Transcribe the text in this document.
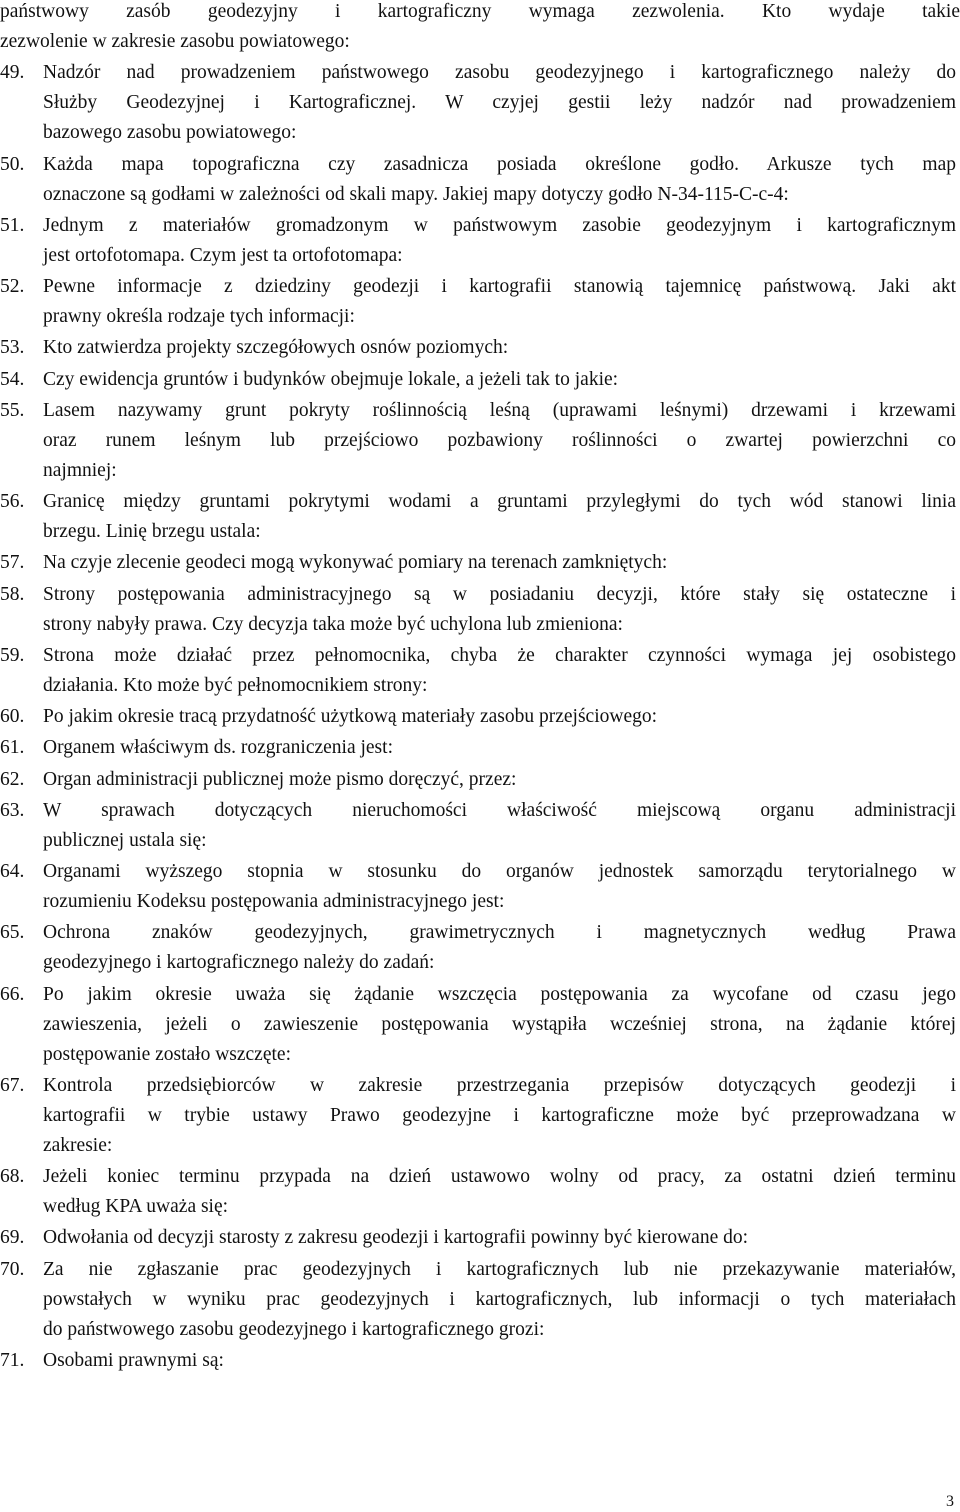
państwowy zasób geodezyjny i kartograficzny wymaga zezwolenia. Kto wydaje takie
zezwolenie w zakresie zasobu powiatowego:
49. Nadzór nad prowadzeniem państwowego zasobu geodezyjnego i kartograficznego należy do
Służby Geodezyjnej i Kartograficznej. W czyjej gestii leży nadzór nad prowadzeniem
bazowego zasobu powiatowego:
50. Każda mapa topograficzna czy zasadnicza posiada określone godło. Arkusze tych map
oznaczone są godłami w zależności od skali mapy. Jakiej mapy dotyczy godło N-34-115-C-c-4:
51. Jednym z materiałów gromadzonym w państwowym zasobie geodezyjnym i kartograficznym
jest ortofotomapa. Czym jest ta ortofotomapa:
52. Pewne informacje z dziedziny geodezji i kartografii stanowią tajemnicę państwową. Jaki akt
prawny określa rodzaje tych informacji:
53. Kto zatwierdza projekty szczegółowych osnów poziomych:
54. Czy ewidencja gruntów i budynków obejmuje lokale, a jeżeli tak to jakie:
55. Lasem nazywamy grunt pokryty roślinnością leśną (uprawami leśnymi) drzewami i krzewami
oraz runem leśnym lub przejściowo pozbawiony roślinności o zwartej powierzchni co
najmniej:
56. Granicę między gruntami pokrytymi wodami a gruntami przyległymi do tych wód stanowi linia
brzegu. Linię brzegu ustala:
57. Na czyje zlecenie geodeci mogą wykonywać pomiary na terenach zamkniętych:
58. Strony postępowania administracyjnego są w posiadaniu decyzji, które stały się ostateczne i
strony nabyły prawa. Czy decyzja taka może być uchylona lub zmieniona:
59. Strona może działać przez pełnomocnika, chyba że charakter czynności wymaga jej osobistego
działania. Kto może być pełnomocnikiem strony:
60. Po jakim okresie tracą przydatność użytkową materiały zasobu przejściowego:
61. Organem właściwym ds. rozgraniczenia jest:
62. Organ administracji publicznej może pismo doręczyć, przez:
63. W sprawach dotyczących nieruchomości właściwość miejscową organu administracji
publicznej ustala się:
64. Organami wyższego stopnia w stosunku do organów jednostek samorządu terytorialnego w
rozumieniu Kodeksu postępowania administracyjnego jest:
65. Ochrona znaków geodezyjnych, grawimetrycznych i magnetycznych według Prawa
geodezyjnego i kartograficznego należy do zadań:
66. Po jakim okresie uważa się żądanie wszczęcia postępowania za wycofane od czasu jego
zawieszenia, jeżeli o zawieszenie postępowania wystąpiła wcześniej strona, na żądanie której
postępowanie zostało wszczęte:
67. Kontrola przedsiębiorców w zakresie przestrzegania przepisów dotyczących geodezji i
kartografii w trybie ustawy Prawo geodezyjne i kartograficzne może być przeprowadzana w
zakresie:
68. Jeżeli koniec terminu przypada na dzień ustawowo wolny od pracy, za ostatni dzień terminu
według KPA uważa się:
69. Odwołania od decyzji starosty z zakresu geodezji i kartografii powinny być kierowane do:
70. Za nie zgłaszanie prac geodezyjnych i kartograficznych lub nie przekazywanie materiałów,
powstałych w wyniku prac geodezyjnych i kartograficznych, lub informacji o tych materiałach
do państwowego zasobu geodezyjnego i kartograficznego grozi:
71. Osobami prawnymi są:
3
